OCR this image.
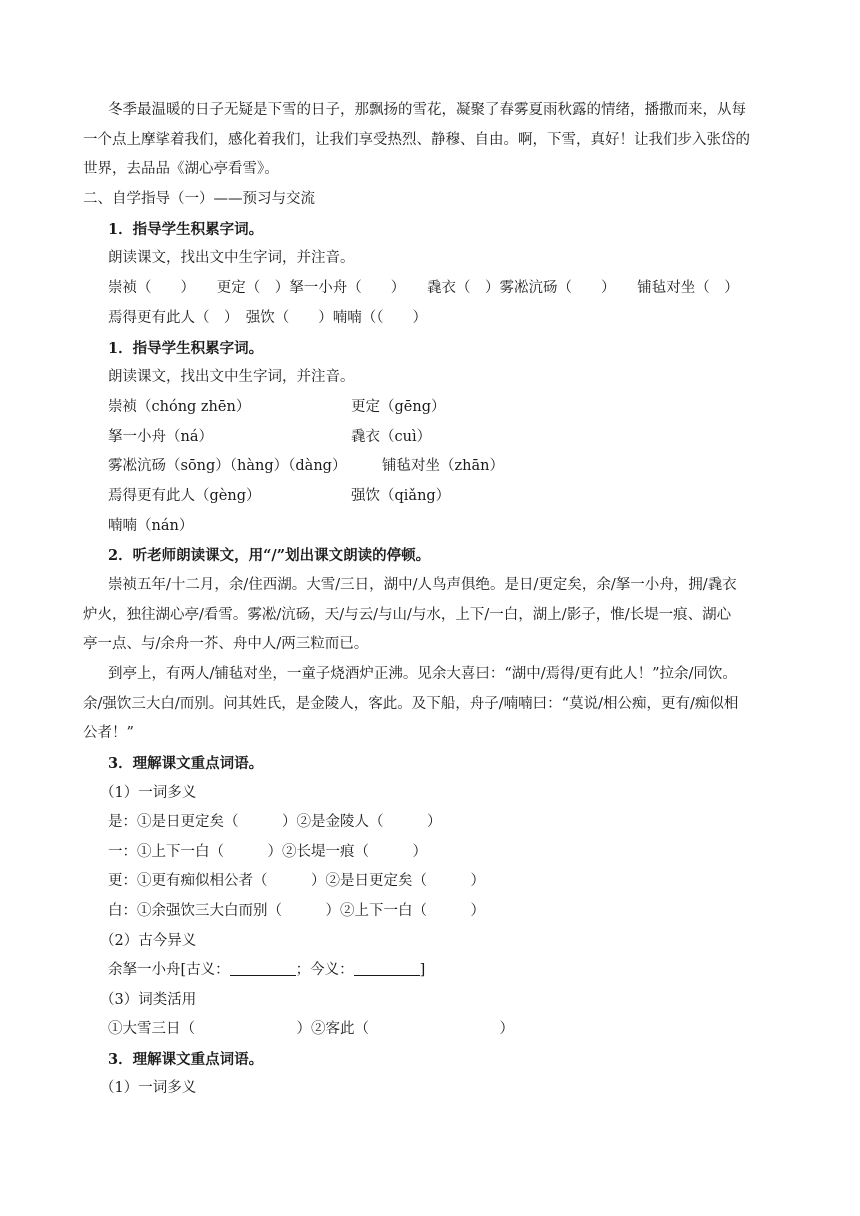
冬季最温暖的日子无疑是下雪的日子，那飘扬的雪花，凝聚了春雾夏雨秋露的情绪，播撒而来，从每
一个点上摩挲着我们，感化着我们，让我们享受热烈、静穆、自由。啊，下雪，真好！让我们步入张岱的
世界，去品品《湖心亭看雪》。
二、自学指导（一）——预习与交流
1．指导学生积累字词。
朗读课文，找出文中生字词，并注音。
崇祯（　　）　　更定（　）拏一小舟（　　）　　毳衣（　）雾凇沆砀（　　）　　铺毡对坐（　）
焉得更有此人（　）　强饮（　　）喃喃（（　　）
1．指导学生积累字词。
朗读课文，找出文中生字词，并注音。
崇祯（chóng zhēn）	更定（gēng）
拏一小舟（ná）	毳衣（cuì）
雾凇沆砀（sōng）（hàng）（dàng） 铺毡对坐（zhān）
焉得更有此人（gèng）	强饮（qiǎng）
喃喃（nán）
2．听老师朗读课文，用“/”划出课文朗读的停顿。
崇祯五年/十二月，余/住西湖。大雪/三日，湖中/人鸟声俱绝。是日/更定矣，余/拏一小舟，拥/毳衣
炉火，独往湖心亭/看雪。雾凇/沆砀，天/与云/与山/与水，上下/一白，湖上/影子，惟/长堤一痕、湖心
亭一点、与/余舟一芥、舟中人/两三粒而已。
到亭上，有两人/铺毡对坐，一童子烧酒炉正沸。见余大喜曰：“湖中/焉得/更有此人！”拉余/同饮。
余/强饮三大白/而别。问其姓氏，是金陵人，客此。及下船，舟子/喃喃曰：“莫说/相公痴，更有/痴似相
公者！”
3．理解课文重点词语。
（1）一词多义
是：①是日更定矣（　　　）②是金陵人（　　　）
一：①上下一白（　　　）②长堤一痕（　　　）
更：①更有痴似相公者（　　　）②是日更定矣（　　　）
白：①余强饮三大白而别（　　　）②上下一白（　　　）
（2）古今异义
余拏一小舟[古义：	；今义：	]
（3）词类活用
①大雪三日（　　　　　　　）②客此（　　　　　　　　　）
3．理解课文重点词语。
（1）一词多义
